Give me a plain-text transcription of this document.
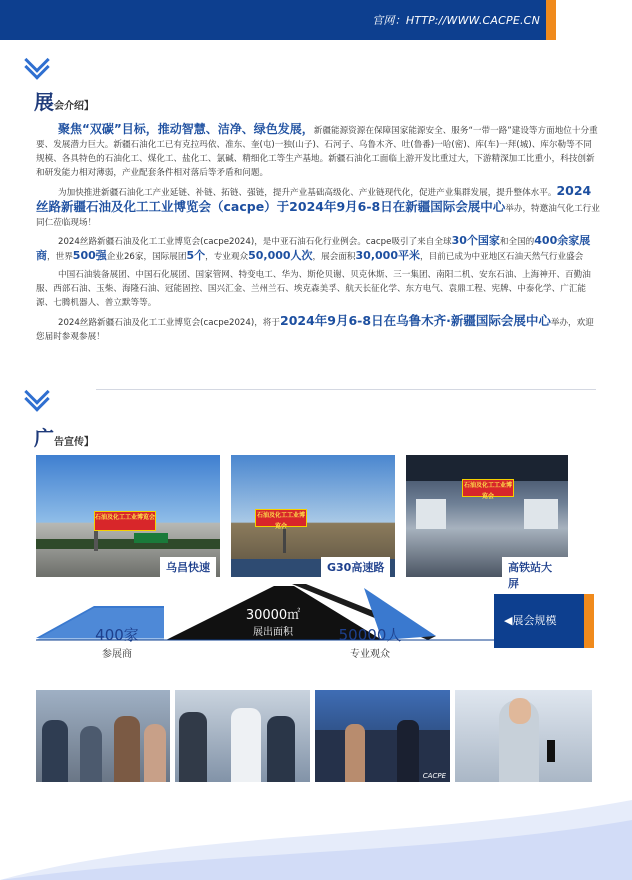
官网：HTTP://WWW.CACPE.CN
展会介绍】

聚焦“双碳”目标，推动智慧、洁净、绿色发展，新疆能源资源在保障国家能源安全、服务“一带一路”建设等方面地位十分重要、发展潜力巨大。新疆石油化工已有克拉玛依、准东、奎(屯)一独(山子)、石河子、乌鲁木齐、吐(鲁番)一哈(密)、库(车)一拜(城)、库尔勒等不同规模、各具特色的石油化工、煤化工、盐化工、氯碱、精细化工等生产基地。新疆石油化工面临上游开发比重过大，下游精深加工比重小，科技创新和研发能力相对薄弱，产业配套条件相对落后等矛盾和问题。

为加快推进新疆石油化工产业延链、补链、拓链、强链，提升产业基础高级化、产业链现代化，促进产业集群发展，提升整体水平。2024丝路新疆石油及化工工业博览会（cacpe）于2024年9月6-8日在新疆国际会展中心举办，特邀油气化工行业同仁莅临现场！

2024丝路新疆石油及化工工业博览会(cacpe2024)，是中亚石油石化行业例会。cacpe吸引了来自全球30个国家和全国的400余家展商，世界500强企业26家，国际展团5个，专业观众50,000人次，展会面积30,000平米，目前已成为中亚地区石油天然气行业盛会

中国石油装备展团、中国石化展团、国家管网、特变电工、华为、斯伦贝谢、贝克休斯、三一集团、南阳二机、安东石油、上海神开、百勤油服、西部石油、玉柴、海隆石油、冠能固控、国兴汇金、兰州兰石、埃克森美孚、航天长征化学、东方电气、袁鼎工程、宪牌、中泰化学、广汇能源、七腾机器人、普立默等等。

2024丝路新疆石油及化工工业博览会(cacpe2024)，将于2024年9月6-8日在乌鲁木齐·新疆国际会展中心举办，欢迎您届时参观参展！

广告宣传】
石油及化工工业博览会
乌昌快速
石油及化工工业博览会
G30高速路
石油及化工工业博览会
高铁站大屏
30000㎡
展出面积
400家
参展商
50000人
专业观众
◀展会规模
CACPE
